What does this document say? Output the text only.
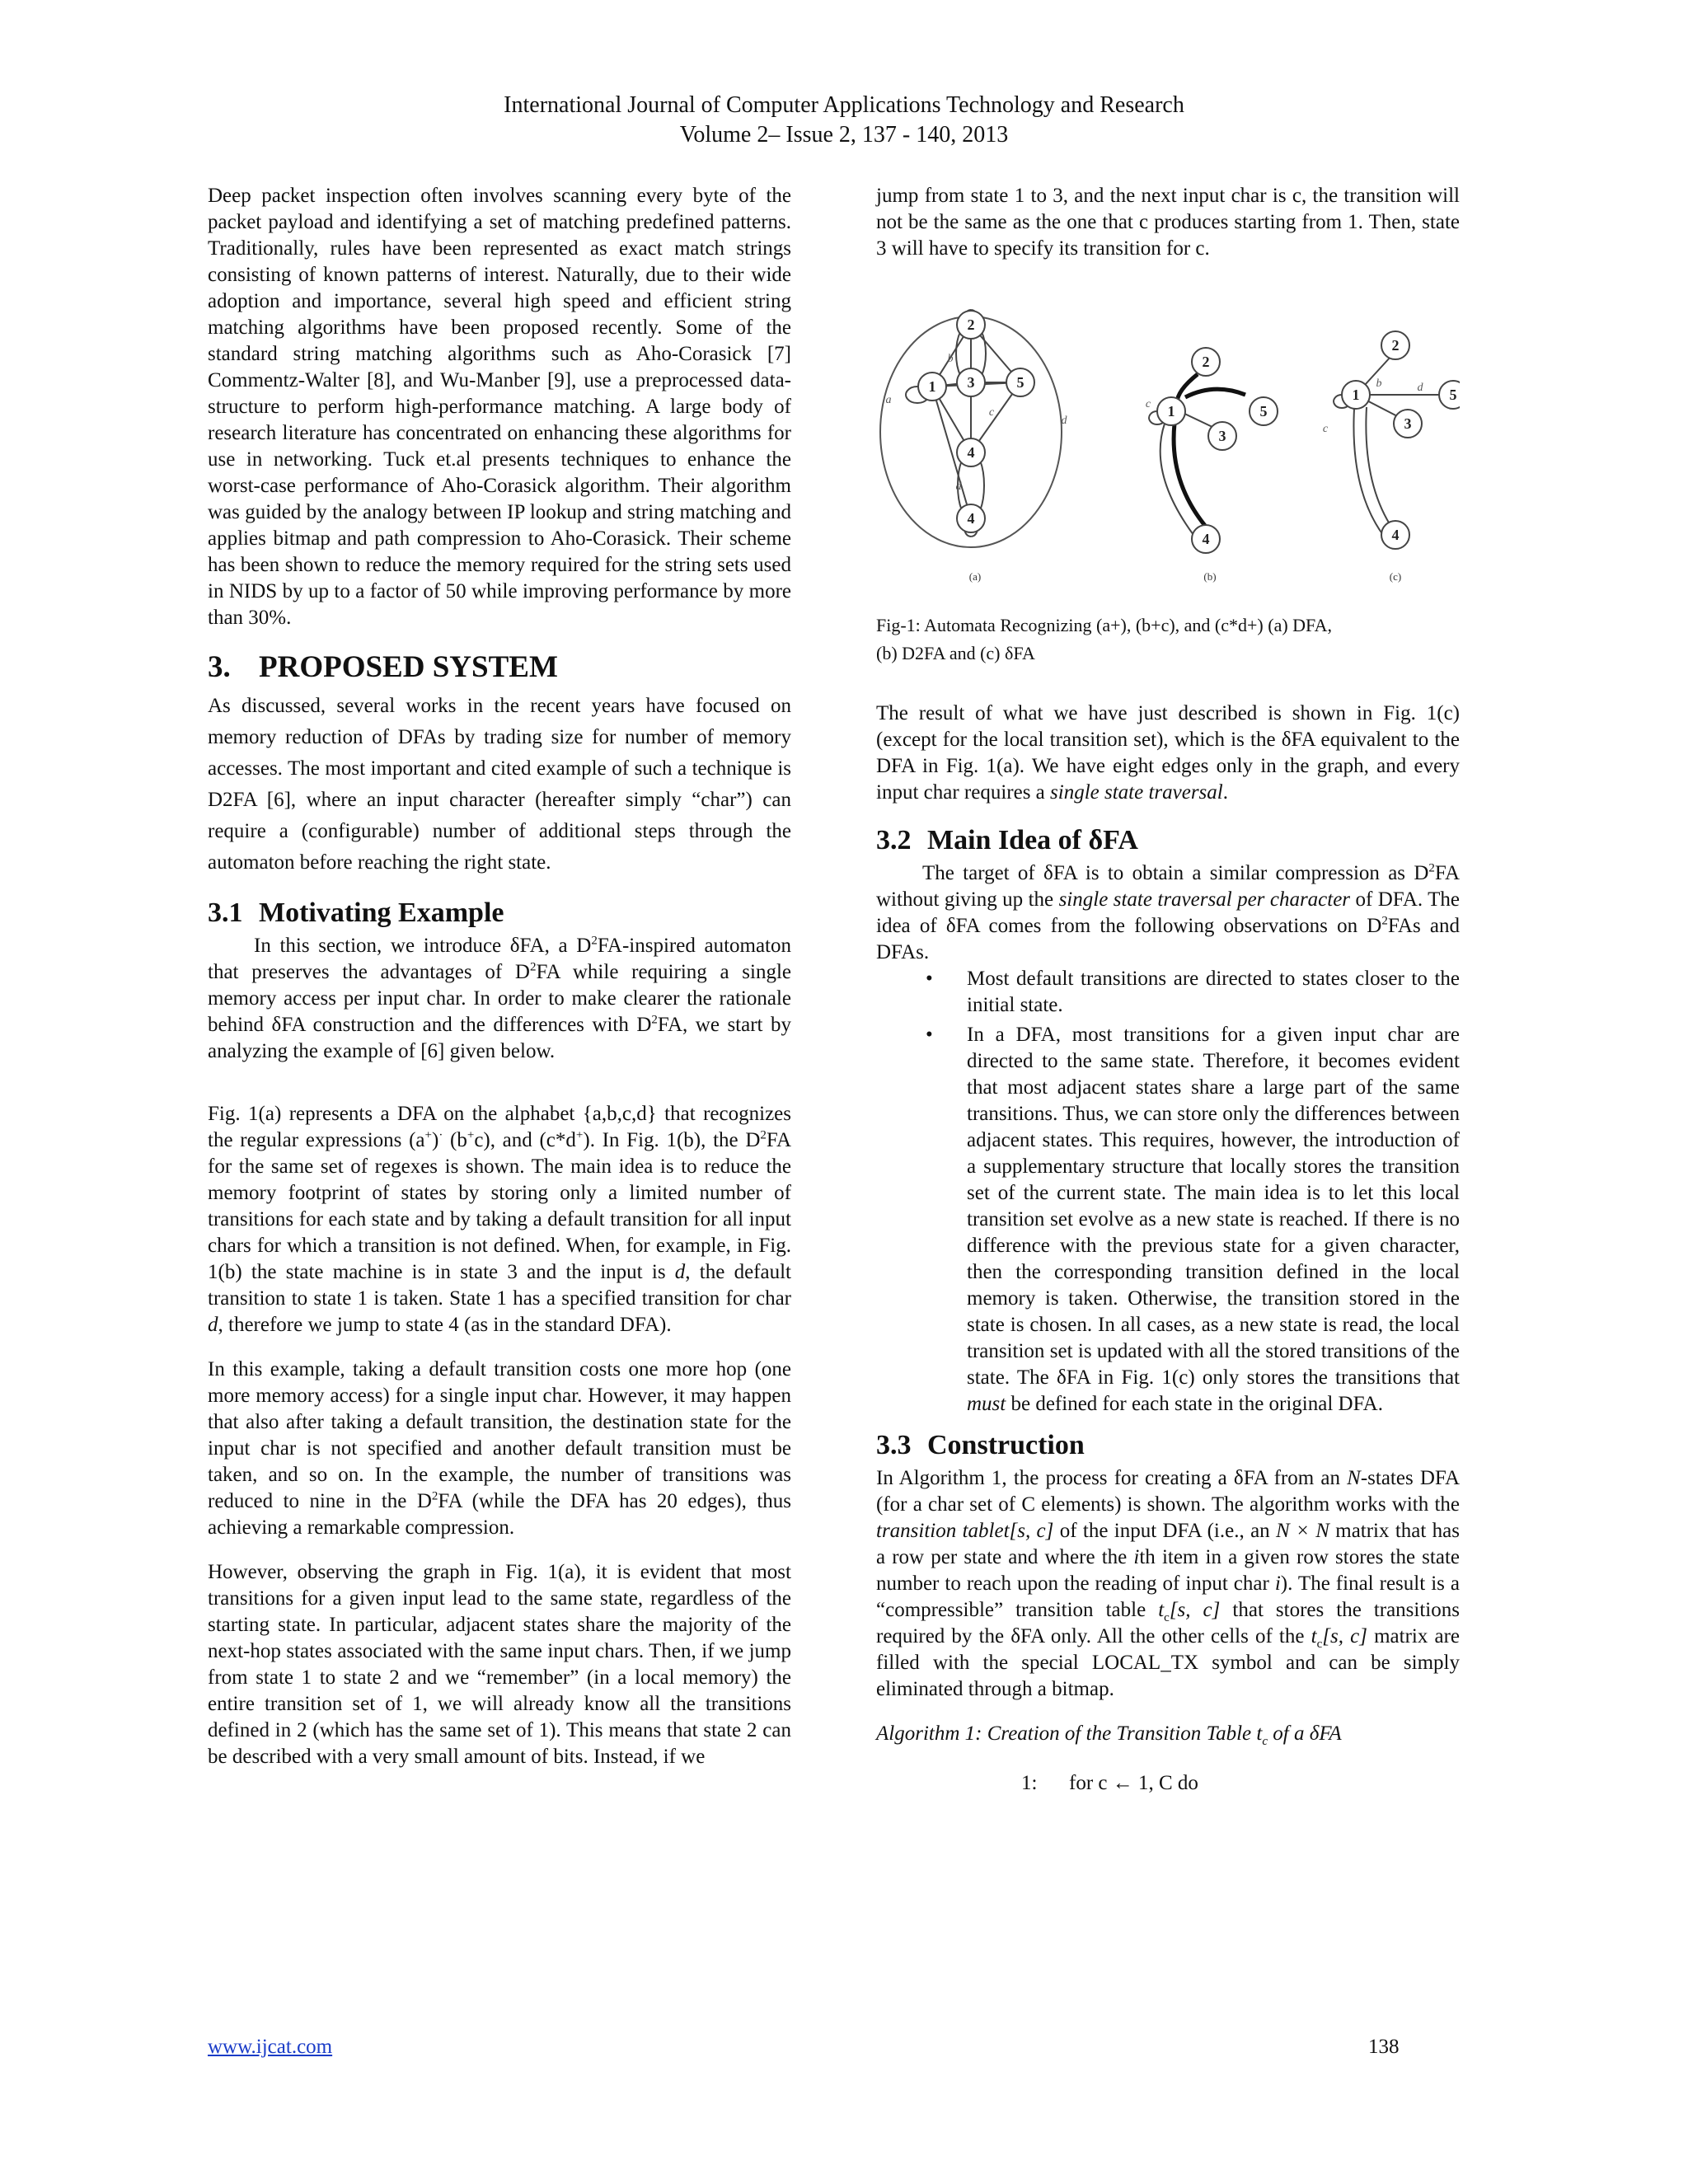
International Journal of Computer Applications Technology and Research
Volume 2– Issue 2, 137 - 140, 2013

Deep packet inspection often involves scanning every byte of the packet payload and identifying a set of matching predefined patterns. Traditionally, rules have been represented as exact match strings consisting of known patterns of interest. Naturally, due to their wide adoption and importance, several high speed and efficient string matching algorithms have been proposed recently. Some of the standard string matching algorithms such as Aho-Corasick [7] Commentz-Walter [8], and Wu-Manber [9], use a preprocessed data-structure to perform high-performance matching. A large body of research literature has concentrated on enhancing these algorithms for use in networking. Tuck et.al presents techniques to enhance the worst-case performance of Aho-Corasick algorithm. Their algorithm was guided by the analogy between IP lookup and string matching and applies bitmap and path compression to Aho-Corasick. Their scheme has been shown to reduce the memory required for the string sets used in NIDS by up to a factor of 50 while improving performance by more than 30%.

3. PROPOSED SYSTEM

As discussed, several works in the recent years have focused on memory reduction of DFAs by trading size for number of memory accesses. The most important and cited example of such a technique is D2FA [6], where an input character (hereafter simply “char”) can require a (configurable) number of additional steps through the automaton before reaching the right state.

3.1 Motivating Example

In this section, we introduce δFA, a $D^2FA$-inspired automaton that preserves the advantages of $D^2FA$ while requiring a single memory access per input char. In order to make clearer the rationale behind δFA construction and the differences with $D^2FA$, we start by analyzing the example of [6] given below.

Fig. 1(a) represents a DFA on the alphabet {a,b,c,d} that recognizes the regular expressions (a+)· (b+c), and (c*d+). In Fig. 1(b), the $D^2FA$ for the same set of regexes is shown. The main idea is to reduce the memory footprint of states by storing only a limited number of transitions for each state and by taking a default transition for all input chars for which a transition is not defined. When, for example, in Fig. 1(b) the state machine is in state 3 and the input is d, the default transition to state 1 is taken. State 1 has a specified transition for char d, therefore we jump to state 4 (as in the standard DFA).

In this example, taking a default transition costs one more hop (one more memory access) for a single input char. However, it may happen that also after taking a default transition, the destination state for the input char is not specified and another default transition must be taken, and so on. In the example, the number of transitions was reduced to nine in the $D^2FA$ (while the DFA has 20 edges), thus achieving a remarkable compression.

However, observing the graph in Fig. 1(a), it is evident that most transitions for a given input lead to the same state, regardless of the starting state. In particular, adjacent states share the majority of the next-hop states associated with the same input chars. Then, if we jump from state 1 to state 2 and we “remember” (in a local memory) the entire transition set of 1, we will already know all the transitions defined in 2 (which has the same set of 1). This means that state 2 can be described with a very small amount of bits. Instead, if we

jump from state 1 to 3, and the next input char is c, the transition will not be the same as the one that c produces starting from 1. Then, state 3 will have to specify its transition for c.

2
1 3	5
4
4
2
1
3
5
4
2
1
3
5
4
a
d
b
c
d
c
b	d
c
(a)	(b)	(c)
Fig-1: Automata Recognizing (a+), (b+c), and (c*d+) (a) DFA,
(b) D2FA and (c) δFA

The result of what we have just described is shown in Fig. 1(c) (except for the local transition set), which is the δFA equivalent to the DFA in Fig. 1(a). We have eight edges only in the graph, and every input char requires a single state traversal.

3.2 Main Idea of δFA

The target of δFA is to obtain a similar compression as $D^2FA$ without giving up the single state traversal per character of DFA. The idea of δFA comes from the following observations on $D^2FAs$ and DFAs.

• Most default transitions are directed to states closer to the initial state.
• In a DFA, most transitions for a given input char are directed to the same state. Therefore, it becomes evident that most adjacent states share a large part of the same transitions. Thus, we can store only the differences between adjacent states. This requires, however, the introduction of a supplementary structure that locally stores the transition set of the current state. The main idea is to let this local transition set evolve as a new state is reached. If there is no difference with the previous state for a given character, then the corresponding transition defined in the local memory is taken. Otherwise, the transition stored in the state is chosen. In all cases, as a new state is read, the local transition set is updated with all the stored transitions of the state. The δFA in Fig. 1(c) only stores the transitions that must be defined for each state in the original DFA.
3.3 Construction

In Algorithm 1, the process for creating a δFA from an N-states DFA (for a char set of C elements) is shown. The algorithm works with the transition tablet[s, c] of the input DFA (i.e., an N × N matrix that has a row per state and where the ith item in a given row stores the state number to reach upon the reading of input char i). The final result is a “compressible” transition table $t_c[s$, c] that stores the transitions required by the δFA only. All the other cells of the $t_c[s$, c] matrix are filled with the special LOCAL_TX symbol and can be simply eliminated through a bitmap.

Algorithm 1: Creation of the Transition Table $t_c$ of a δFA
1: for c ← 1, C do
www.ijcat.com	138
